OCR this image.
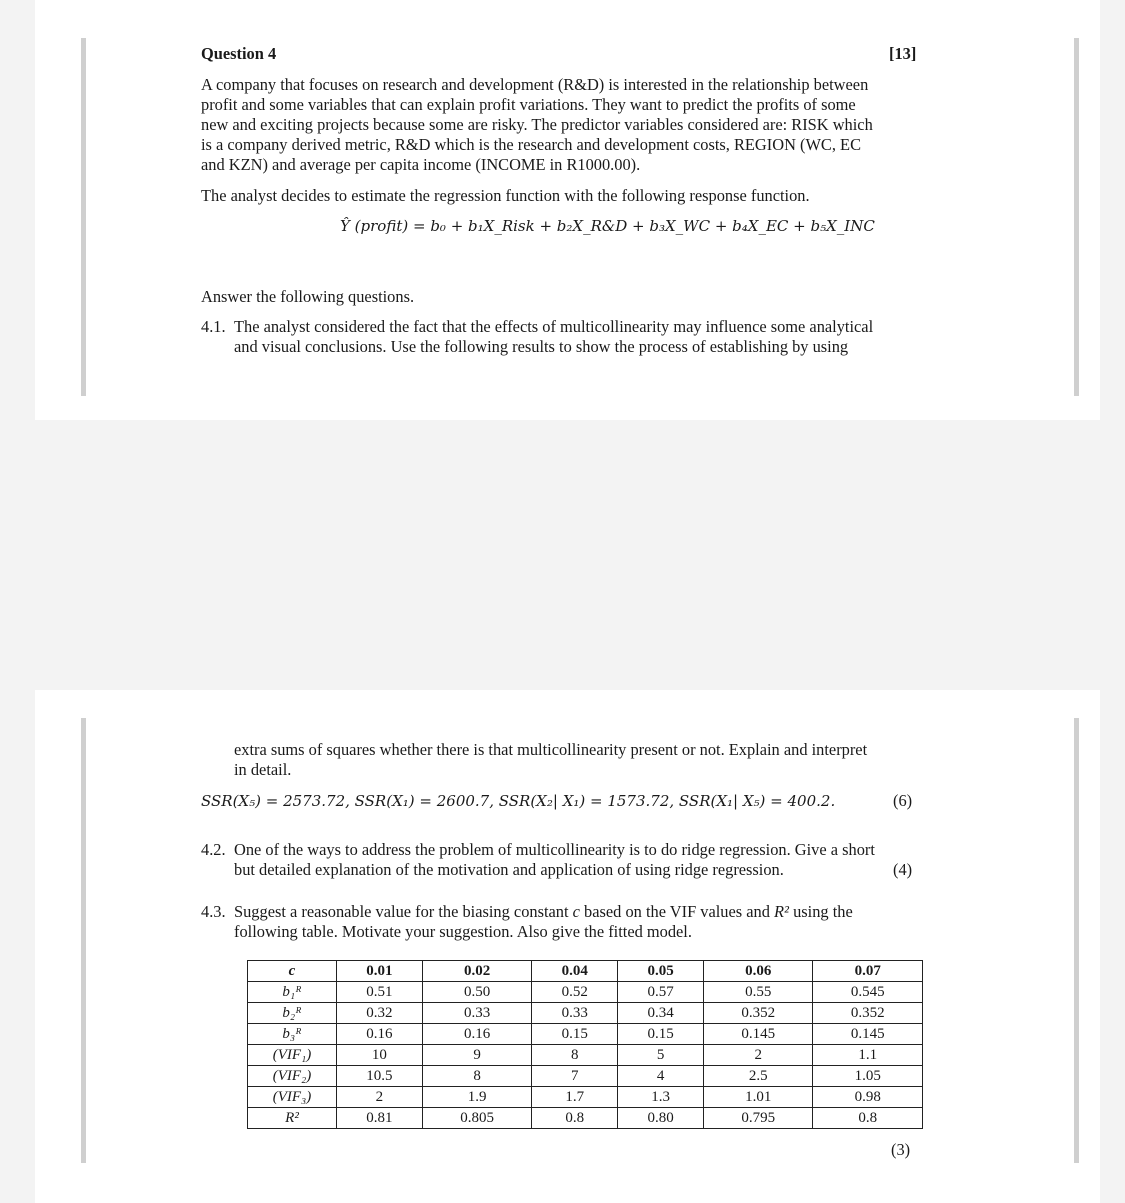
Question 4	[13]
A company that focuses on research and development (R&D) is interested in the relationship between
profit and some variables that can explain profit variations. They want to predict the profits of some
new and exciting projects because some are risky. The predictor variables considered are: RISK which
is a company derived metric, R&D which is the research and development costs, REGION (WC, EC
and KZN) and average per capita income (INCOME in R1000.00).
The analyst decides to estimate the regression function with the following response function.
Ŷ (profit) = b₀ + b₁X_Risk + b₂X_R&D + b₃X_WC + b₄X_EC + b₅X_INC
Answer the following questions.
4.1. The analyst considered the fact that the effects of multicollinearity may influence some analytical
and visual conclusions. Use the following results to show the process of establishing by using
extra sums of squares whether there is that multicollinearity present or not. Explain and interpret
in detail.
SSR(X₅) = 2573.72, SSR(X₁) = 2600.7, SSR(X₂| X₁) = 1573.72, SSR(X₁| X₅) = 400.2.	(6)
4.2. One of the ways to address the problem of multicollinearity is to do ridge regression. Give a short
but detailed explanation of the motivation and application of using ridge regression.	(4)
4.3. Suggest a reasonable value for the biasing constant c based on the VIF values and R² using the
following table. Motivate your suggestion. Also give the fitted model.
c	0.01	0.02	0.04	0.05	0.06	0.07
b₁ᴿ	0.51	0.50	0.52	0.57	0.55	0.545
b₂ᴿ	0.32	0.33	0.33	0.34	0.352	0.352
b₃ᴿ	0.16	0.16	0.15	0.15	0.145	0.145
(VIF₁)	10	9	8	5	2	1.1
(VIF₂)	10.5	8	7	4	2.5	1.05
(VIF₃)	2	1.9	1.7	1.3	1.01	0.98
R²	0.81	0.805	0.8	0.80	0.795	0.8
(3)
